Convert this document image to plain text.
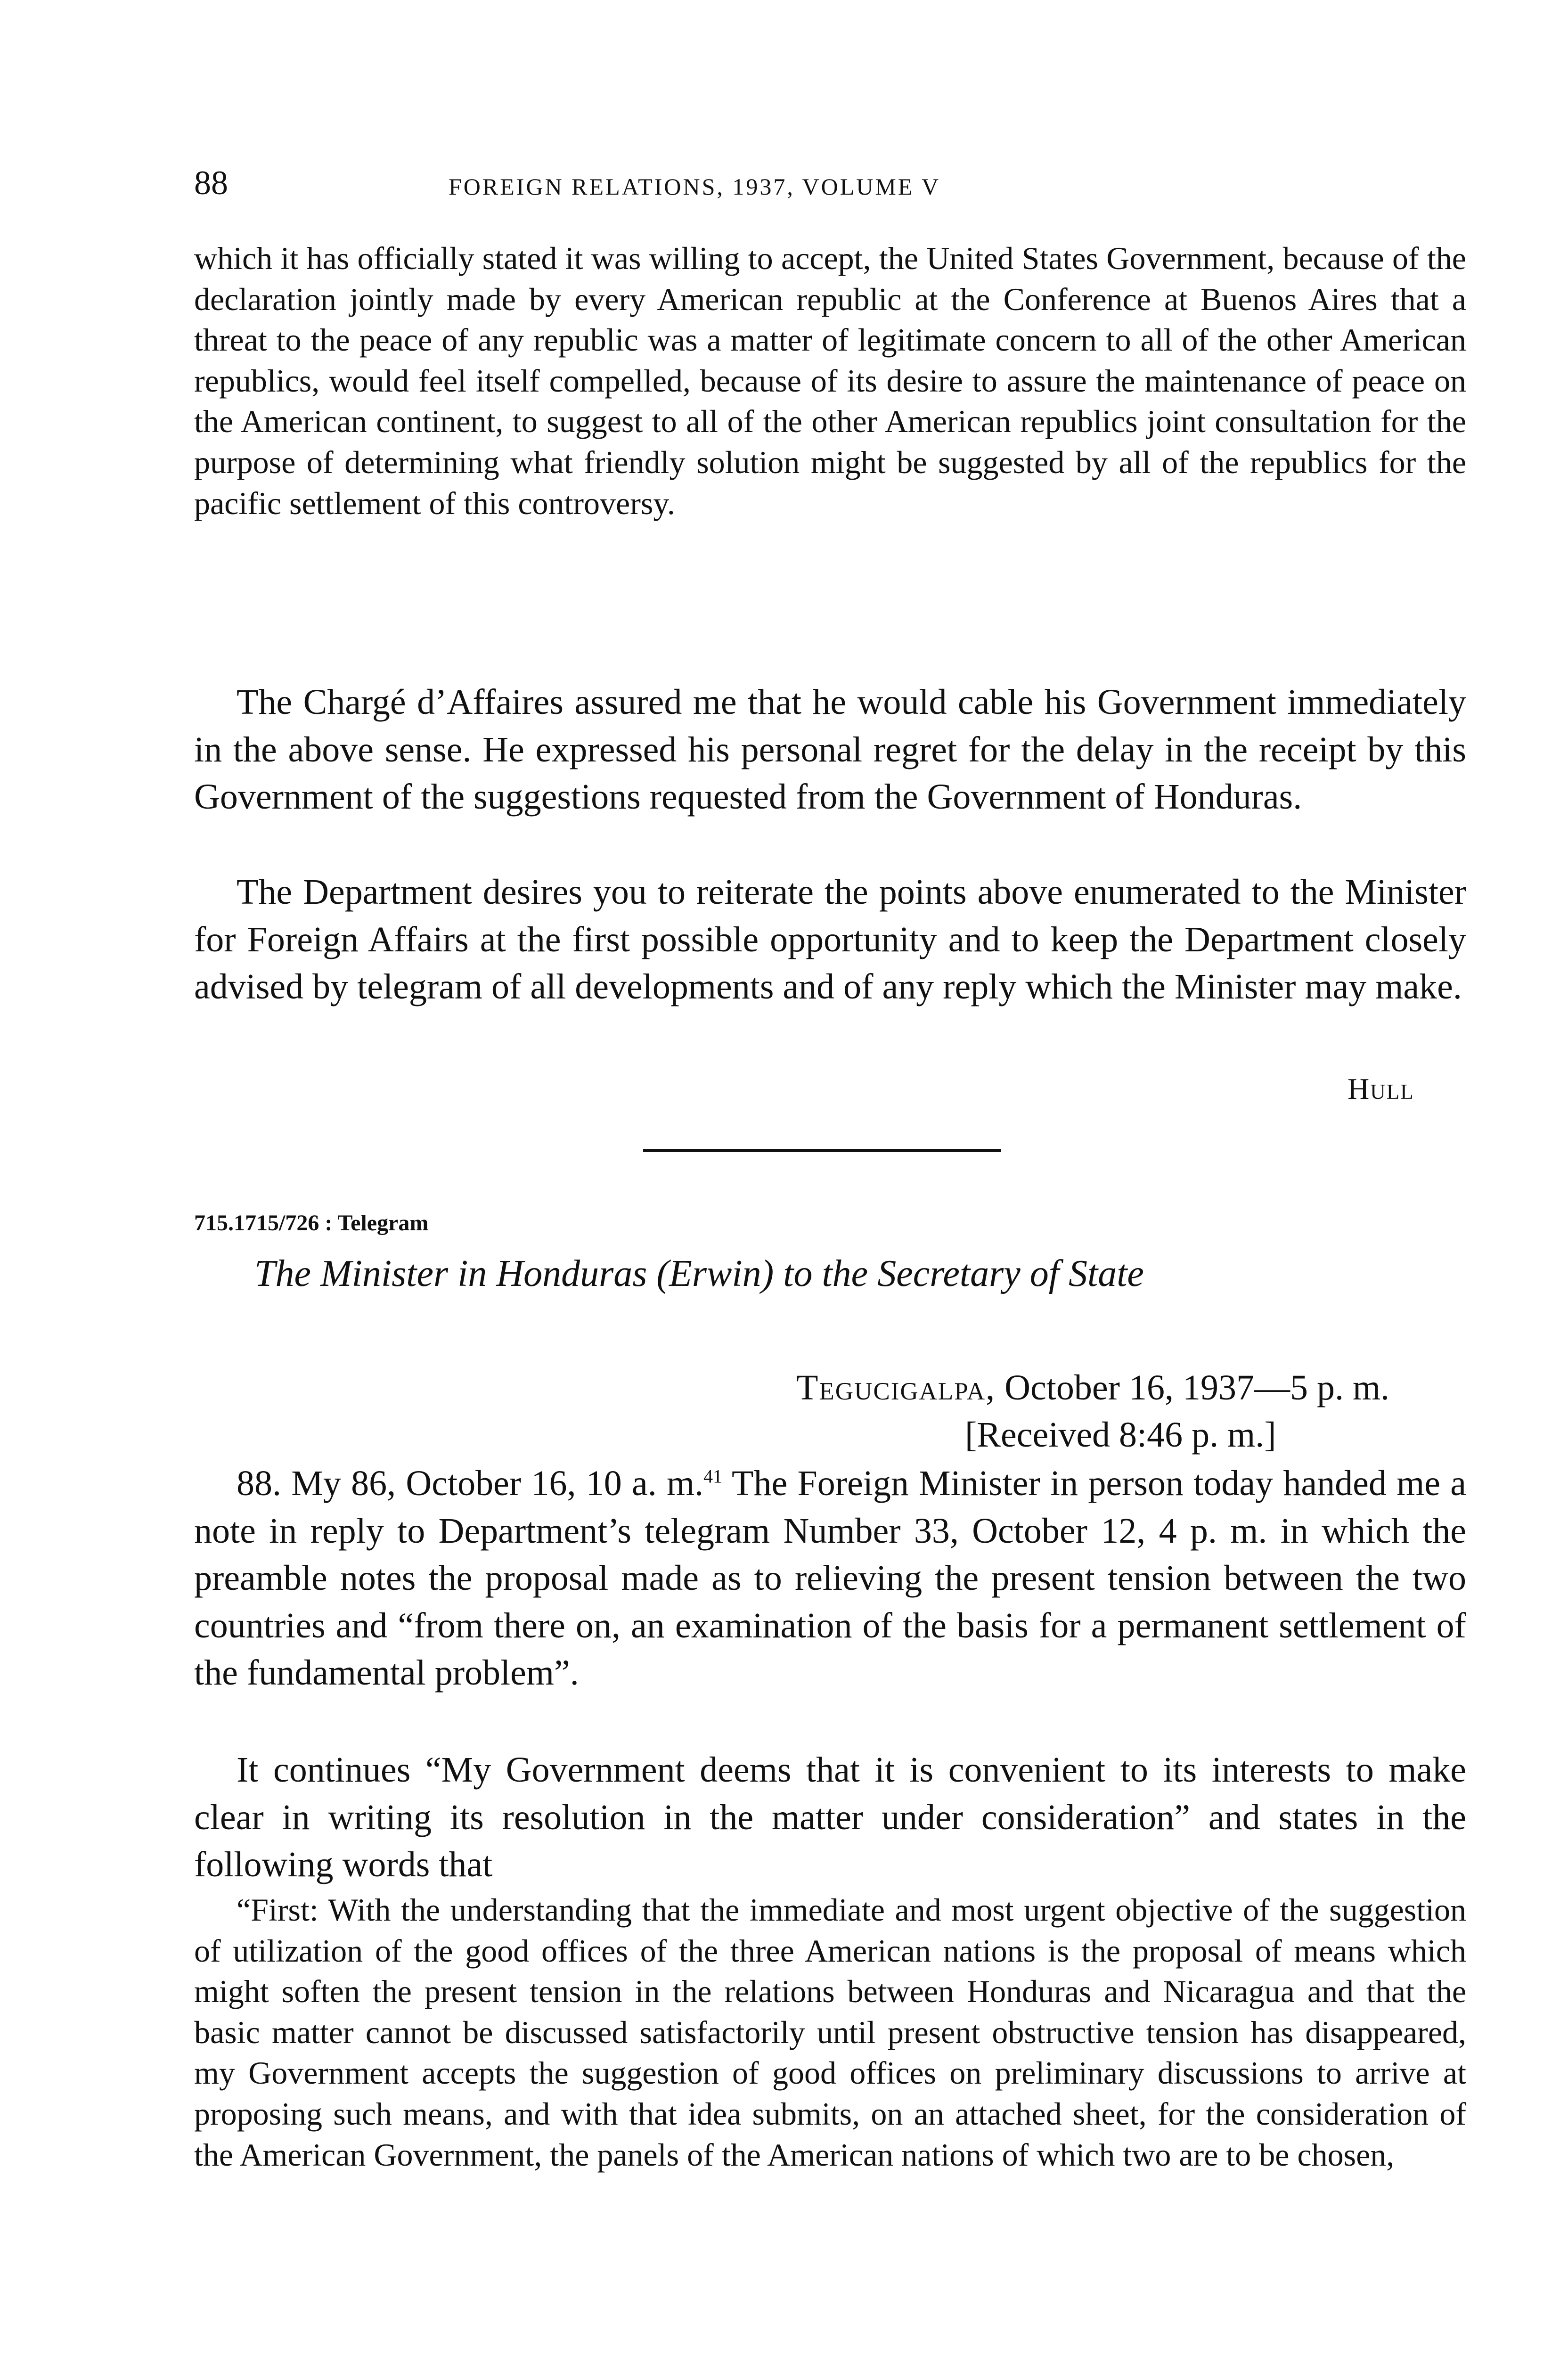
88	FOREIGN RELATIONS, 1937, VOLUME V

which it has officially stated it was willing to accept, the United States Government, because of the declaration jointly made by every American republic at the Conference at Buenos Aires that a threat to the peace of any republic was a matter of legitimate concern to all of the other American republics, would feel itself compelled, because of its desire to assure the maintenance of peace on the American continent, to suggest to all of the other American republics joint consultation for the purpose of determining what friendly solution might be suggested by all of the republics for the pacific settlement of this controversy.

The Chargé d’Affaires assured me that he would cable his Government immediately in the above sense. He expressed his personal regret for the delay in the receipt by this Government of the suggestions requested from the Government of Honduras.

The Department desires you to reiterate the points above enumerated to the Minister for Foreign Affairs at the first possible opportunity and to keep the Department closely advised by telegram of all developments and of any reply which the Minister may make.

Hull
715.1715/726 : Telegram
The Minister in Honduras (Erwin) to the Secretary of State
Tegucigalpa, October 16, 1937—5 p. m.
[Received 8:46 p. m.]

88. My 86, October 16, 10 a. m.$^{41}$ The Foreign Minister in person today handed me a note in reply to Department’s telegram Number 33, October 12, 4 p. m. in which the preamble notes the proposal made as to relieving the present tension between the two countries and “from there on, an examination of the basis for a permanent settlement of the fundamental problem”.

It continues “My Government deems that it is convenient to its interests to make clear in writing its resolution in the matter under consideration” and states in the following words that

“First: With the understanding that the immediate and most urgent objective of the suggestion of utilization of the good offices of the three American nations is the proposal of means which might soften the present tension in the relations between Honduras and Nicaragua and that the basic matter cannot be discussed satisfactorily until present obstructive tension has disappeared, my Government accepts the suggestion of good offices on preliminary discussions to arrive at proposing such means, and with that idea submits, on an attached sheet, for the consideration of the American Government, the panels of the American nations of which two are to be chosen,
